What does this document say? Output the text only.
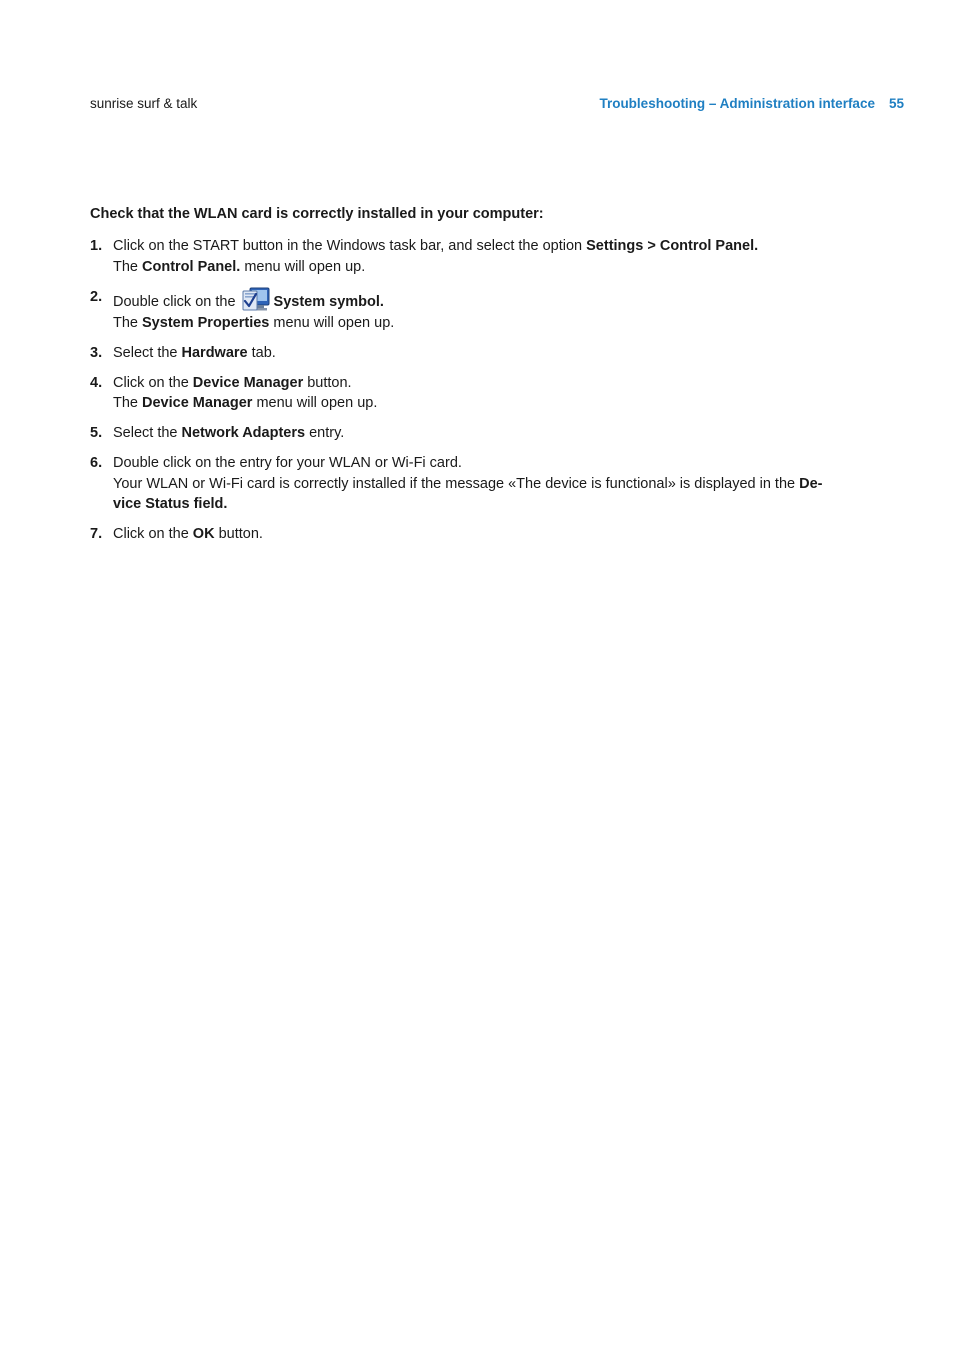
sunrise surf & talk	Troubleshooting – Administration interface 55
Check that the WLAN card is correctly installed in your computer:
1. Click on the START button in the Windows task bar, and select the option Settings > Control Panel.
The Control Panel. menu will open up.
2. Double click on the System symbol.
The System Properties menu will open up.
3. Select the Hardware tab.
4. Click on the Device Manager button.
The Device Manager menu will open up.
5. Select the Network Adapters entry.
6. Double click on the entry for your WLAN or Wi-Fi card.
Your WLAN or Wi-Fi card is correctly installed if the message «The device is functional» is displayed in the De-
vice Status field.
7. Click on the OK button.
